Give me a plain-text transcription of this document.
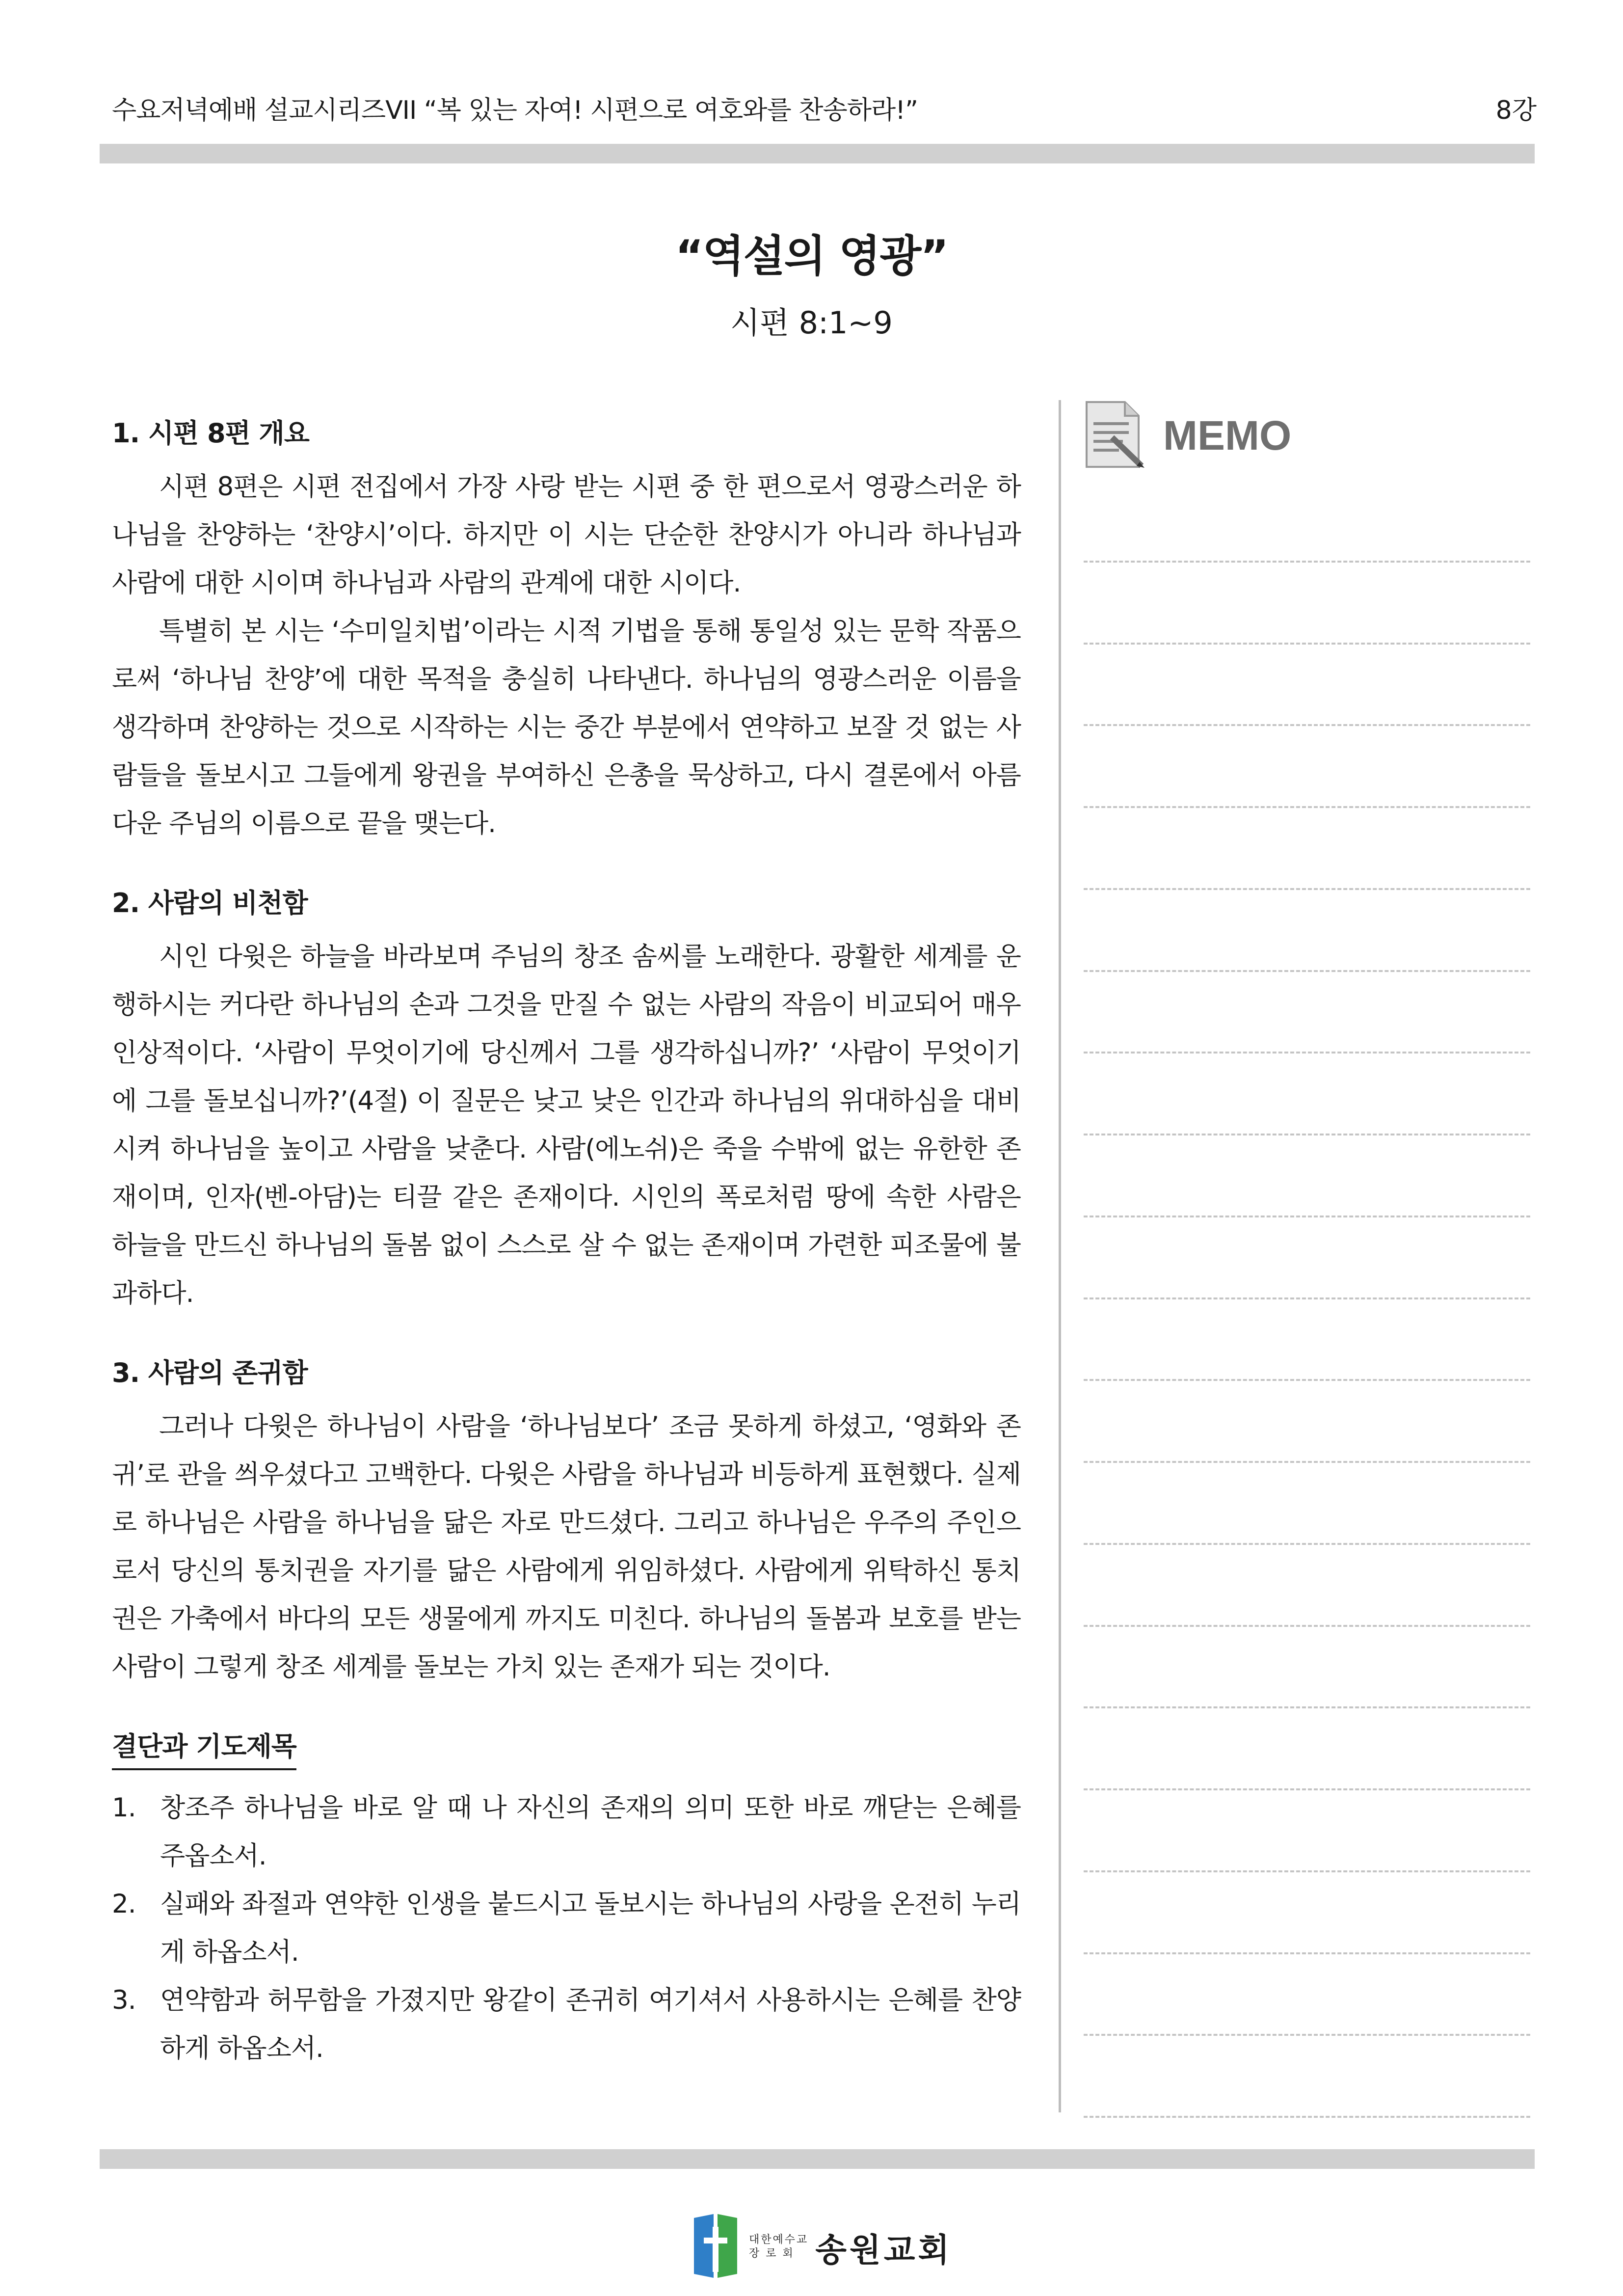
수요저녁예배 설교시리즈VII “복 있는 자여! 시편으로 여호와를 찬송하라!”	8강
“역설의 영광”
시편 8:1~9
1. 시편 8편 개요

시편 8편은 시편 전집에서 가장 사랑 받는 시편 중 한 편으로서 영광스러운 하나님을 찬양하는 ‘찬양시’이다. 하지만 이 시는 단순한 찬양시가 아니라 하나님과 사람에 대한 시이며 하나님과 사람의 관계에 대한 시이다.

특별히 본 시는 ‘수미일치법’이라는 시적 기법을 통해 통일성 있는 문학 작품으로써 ‘하나님 찬양’에 대한 목적을 충실히 나타낸다. 하나님의 영광스러운 이름을 생각하며 찬양하는 것으로 시작하는 시는 중간 부분에서 연약하고 보잘 것 없는 사람들을 돌보시고 그들에게 왕권을 부여하신 은총을 묵상하고, 다시 결론에서 아름다운 주님의 이름으로 끝을 맺는다.

2. 사람의 비천함

시인 다윗은 하늘을 바라보며 주님의 창조 솜씨를 노래한다. 광활한 세계를 운행하시는 커다란 하나님의 손과 그것을 만질 수 없는 사람의 작음이 비교되어 매우 인상적이다. ‘사람이 무엇이기에 당신께서 그를 생각하십니까?’ ‘사람이 무엇이기에 그를 돌보십니까?’(4절) 이 질문은 낮고 낮은 인간과 하나님의 위대하심을 대비시켜 하나님을 높이고 사람을 낮춘다. 사람(에노쉬)은 죽을 수밖에 없는 유한한 존재이며, 인자(벤-아담)는 티끌 같은 존재이다. 시인의 폭로처럼 땅에 속한 사람은 하늘을 만드신 하나님의 돌봄 없이 스스로 살 수 없는 존재이며 가련한 피조물에 불과하다.

3. 사람의 존귀함

그러나 다윗은 하나님이 사람을 ‘하나님보다’ 조금 못하게 하셨고, ‘영화와 존귀’로 관을 씌우셨다고 고백한다. 다윗은 사람을 하나님과 비등하게 표현했다. 실제로 하나님은 사람을 하나님을 닮은 자로 만드셨다. 그리고 하나님은 우주의 주인으로서 당신의 통치권을 자기를 닮은 사람에게 위임하셨다. 사람에게 위탁하신 통치권은 가축에서 바다의 모든 생물에게 까지도 미친다. 하나님의 돌봄과 보호를 받는 사람이 그렇게 창조 세계를 돌보는 가치 있는 존재가 되는 것이다.

결단과 기도제목
1. 창조주 하나님을 바로 알 때 나 자신의 존재의 의미 또한 바로 깨닫는 은혜를 주옵소서.
2. 실패와 좌절과 연약한 인생을 붙드시고 돌보시는 하나님의 사랑을 온전히 누리게 하옵소서.
3. 연약함과 허무함을 가졌지만 왕같이 존귀히 여기셔서 사용하시는 은혜를 찬양하게 하옵소서.
MEMO
대한예수교
장 로 회 송원교회
